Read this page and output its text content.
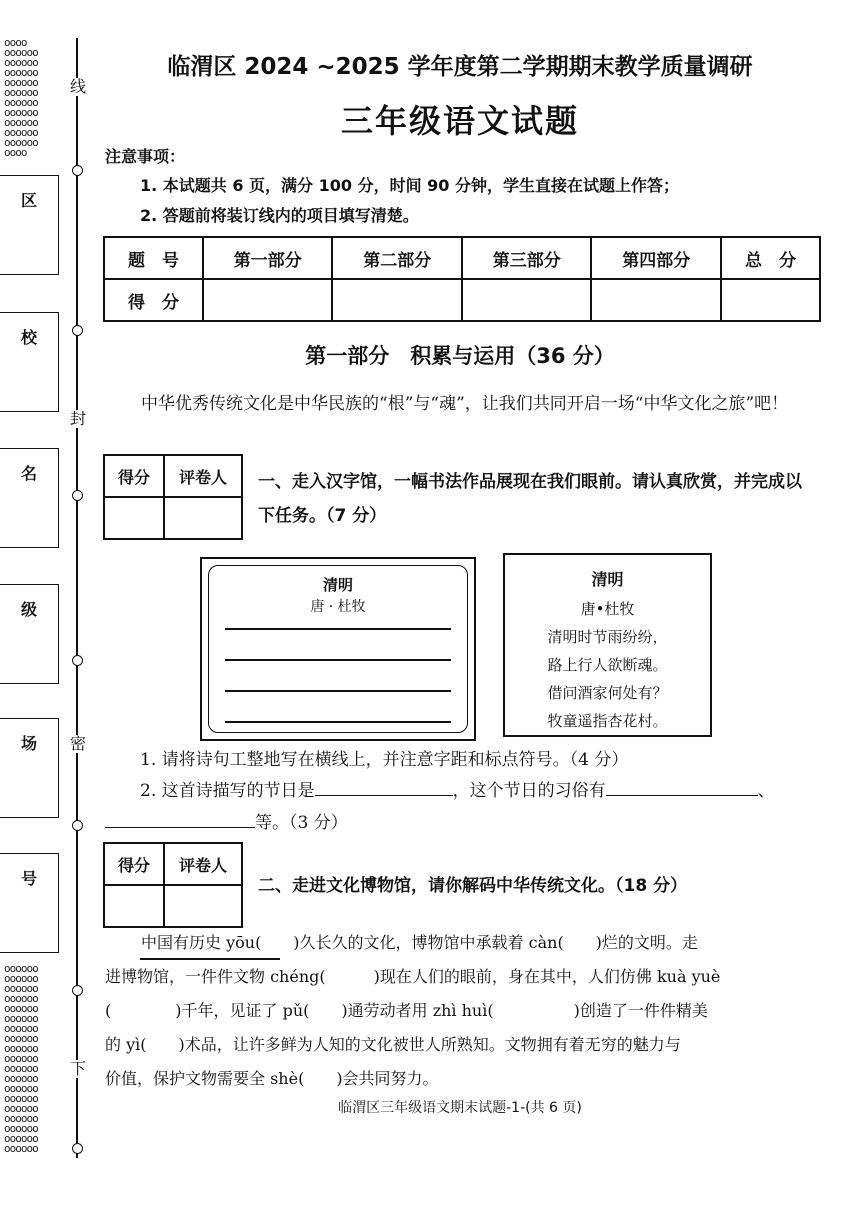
oooo
oooooo
oooooo
oooooo
oooooo
oooooo
oooooo
oooooo
oooooo
oooooo
oooooo
oooo
oooooo
oooooo
oooooo
oooooo
oooooo
oooooo
oooooo
oooooo
oooooo
oooooo
oooooo
oooooo
oooooo
oooooo
oooooo
oooooo
oooooo
oooooo
oooooo
线
封
密
下
区
校
名
级
场
号
临渭区 2024 ~2025 学年度第二学期期末教学质量调研
三年级语文试题
注意事项：
1. 本试题共 6 页，满分 100 分，时间 90 分钟，学生直接在试题上作答；
2. 答题前将装订线内的项目填写清楚。
题　号	第一部分	第二部分	第三部分	第四部分	总　分
得　分					
第一部分　积累与运用（36 分）
中华优秀传统文化是中华民族的“根”与“魂”，让我们共同开启一场“中华文化之旅”吧！
得分	评卷人
	一、走入汉字馆，一幅书法作品展现在我们眼前。请认真欣赏，并完成以下任务。（7 分）
清明
唐 · 杜牧
清明
唐•杜牧
清明时节雨纷纷，
路上行人欲断魂。
借问酒家何处有？
牧童遥指杏花村。
1. 请将诗句工整地写在横线上，并注意字距和标点符号。（4 分）
2. 这首诗描写的节日是	，这个节日的习俗有	、
等。（3 分）
得分	评卷人

二、走进文化博物馆，请你解码中华传统文化。（18 分）
中国有历史 yōu(　　)久长久的文化，博物馆中承载着 càn(　　)烂的文明。走
进博物馆，一件件文物 chéng(　　　)现在人们的眼前，身在其中，人们仿佛 kuà yuè
(　　　　)千年，见证了 pǔ(　　)通劳动者用 zhì huì(　　　　　)创造了一件件精美
的 yì(　　)术品，让许多鲜为人知的文化被世人所熟知。文物拥有着无穷的魅力与
价值，保护文物需要全 shè(　　)会共同努力。
临渭区三年级语文期末试题-1-(共 6 页)
